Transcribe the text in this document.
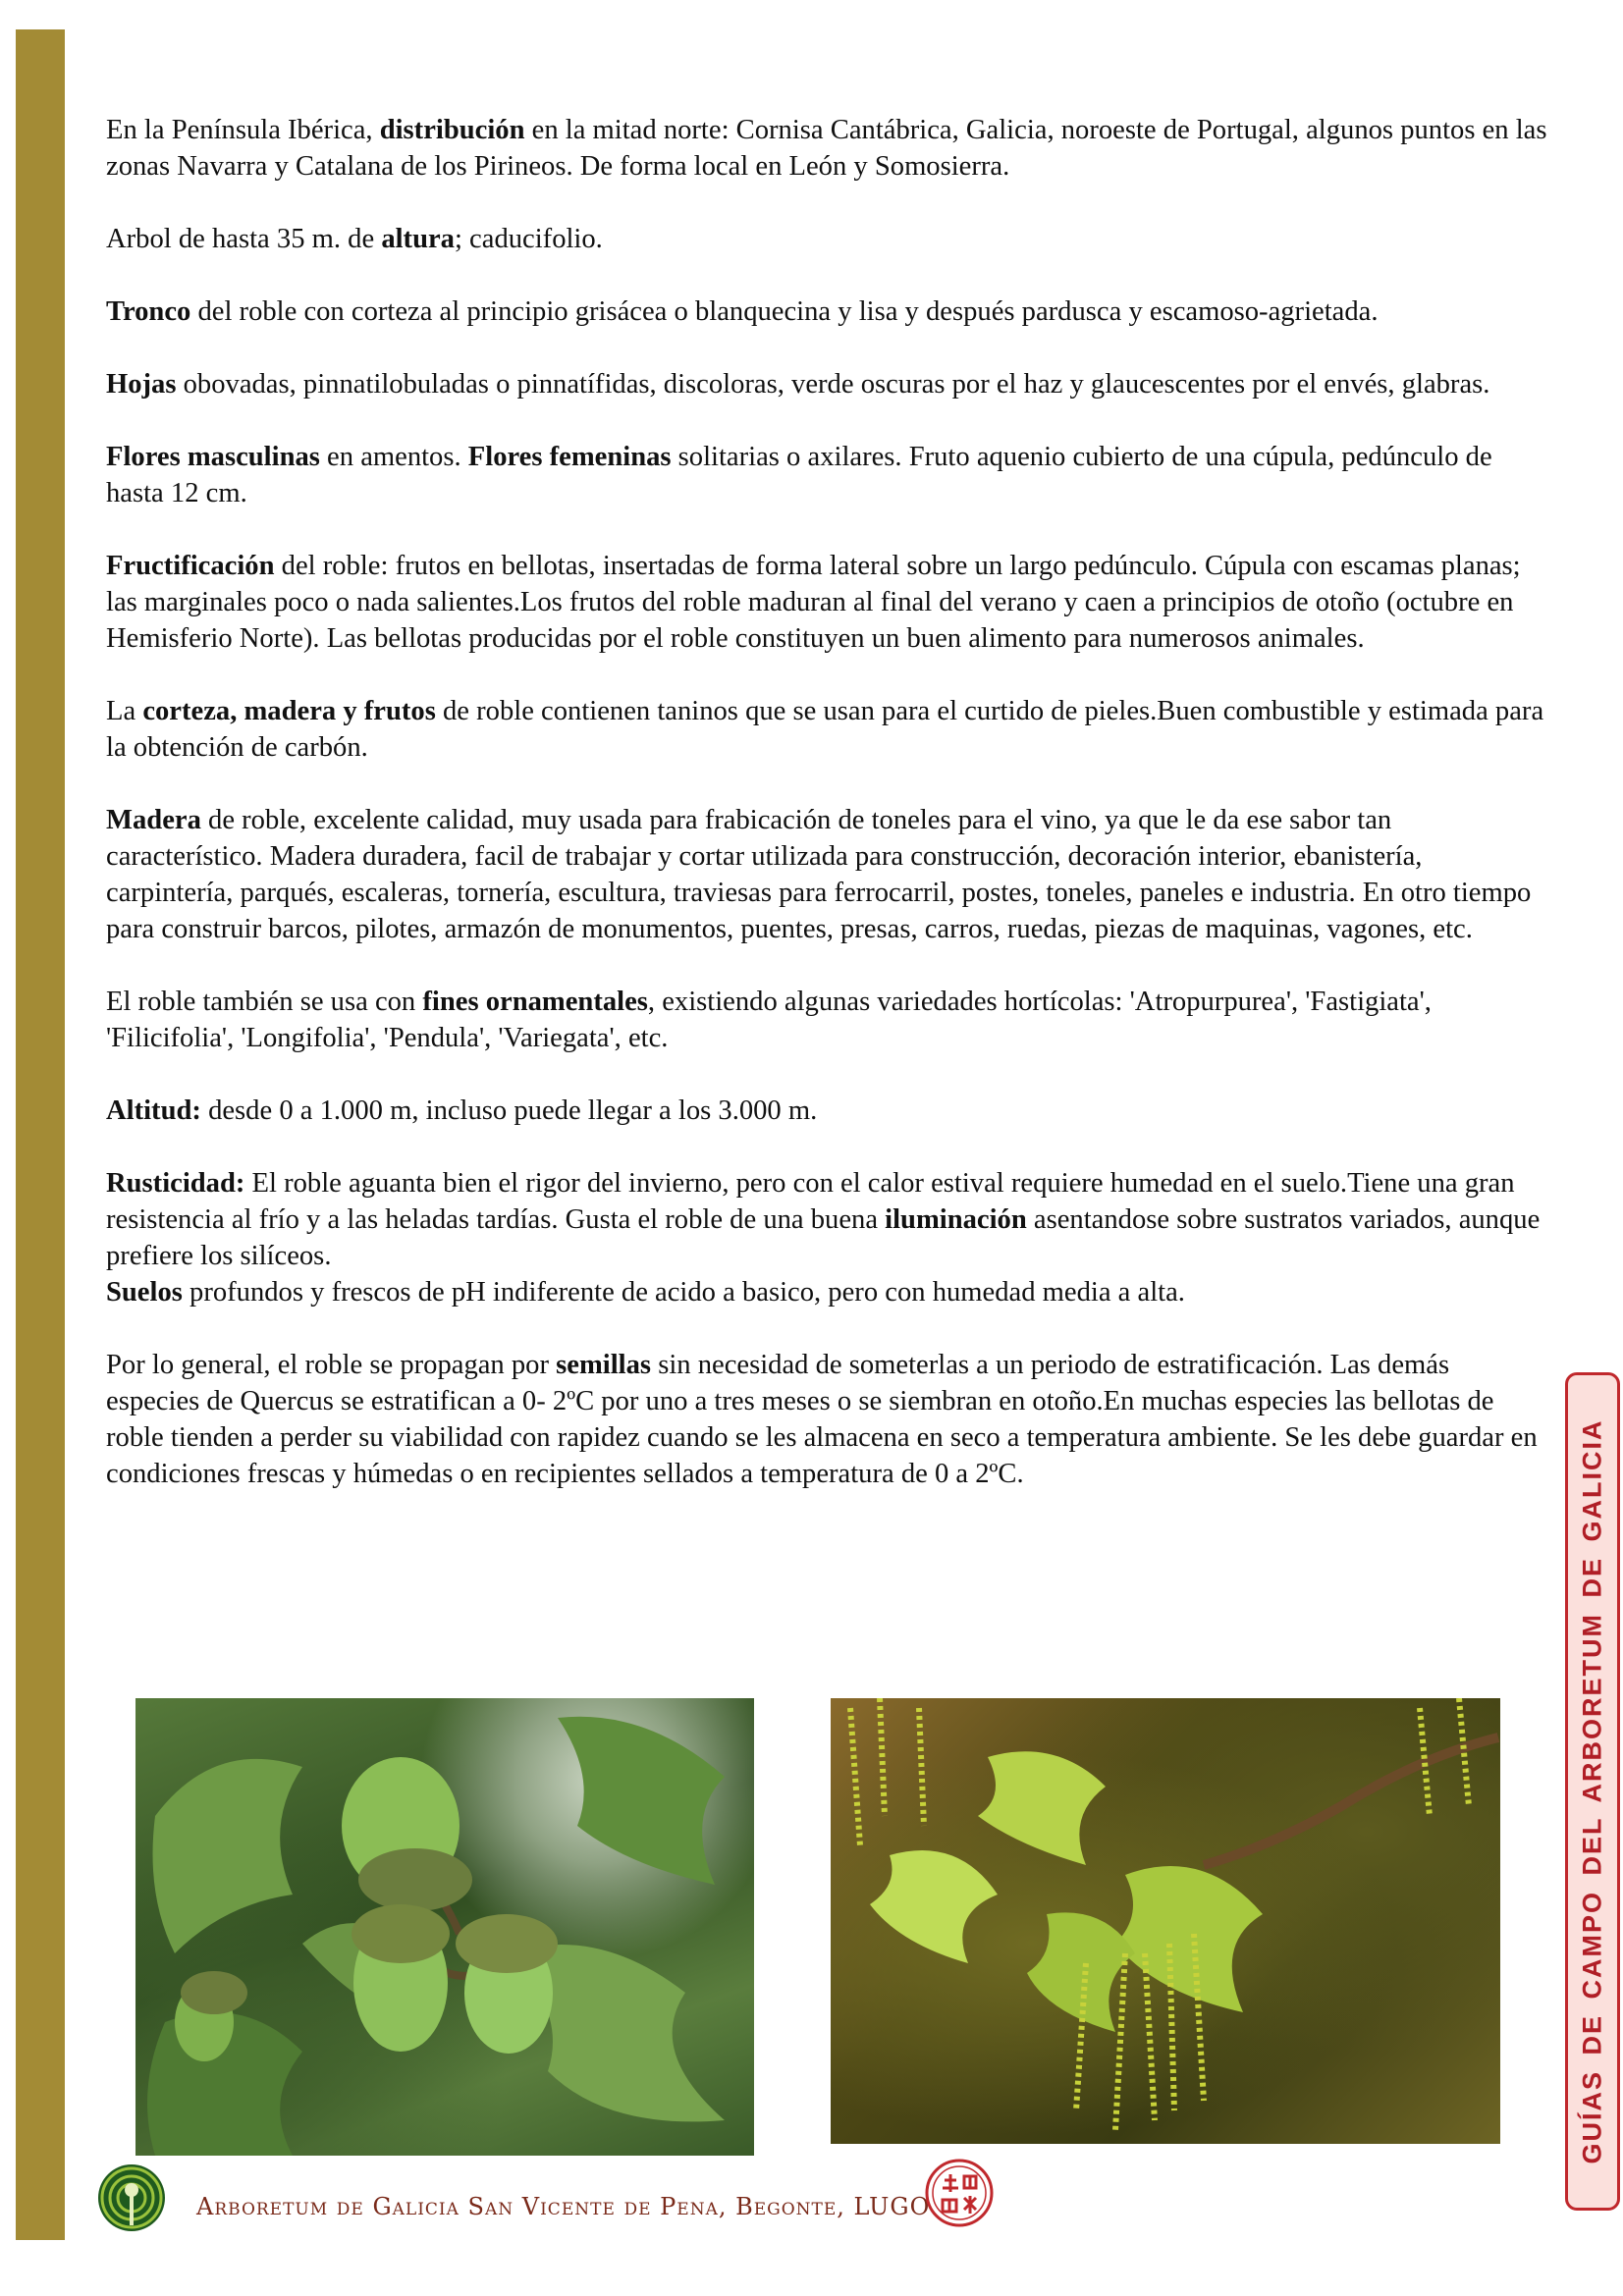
En la Península Ibérica, distribución en la mitad norte: Cornisa Cantábrica, Galicia, noroeste de Portugal, algunos puntos en las zonas Navarra y Catalana de los Pirineos. De forma local en León y Somosierra.

Arbol de hasta 35 m. de altura; caducifolio.

Tronco del roble con corteza al principio grisácea o blanquecina y lisa y después pardusca y escamoso-agrietada.

Hojas obovadas, pinnatilobuladas o pinnatífidas, discoloras, verde oscuras por el haz y glaucescentes por el envés, glabras.

Flores masculinas en amentos. Flores femeninas solitarias o axilares. Fruto aquenio cubierto de una cúpula, pedúnculo de hasta 12 cm.

Fructificación del roble: frutos en bellotas, insertadas de forma lateral sobre un largo pedúnculo. Cúpula con escamas planas; las marginales poco o nada salientes.Los frutos del roble maduran al final del verano y caen a principios de otoño (octubre en Hemisferio Norte). Las bellotas producidas por el roble constituyen un buen alimento para numerosos animales.

La corteza, madera y frutos de roble contienen taninos que se usan para el curtido de pieles.Buen combustible y estimada para la obtención de carbón.

Madera de roble, excelente calidad, muy usada para frabicación de toneles para el vino, ya que le da ese sabor tan característico. Madera duradera, facil de trabajar y cortar utilizada para construcción, decoración interior, ebanistería, carpintería, parqués, escaleras, tornería, escultura, traviesas para ferrocarril, postes, toneles, paneles e industria. En otro tiempo para construir barcos, pilotes, armazón de monumentos, puentes, presas, carros, ruedas, piezas de maquinas, vagones, etc.

El roble también se usa con fines ornamentales, existiendo algunas variedades hortícolas: 'Atropurpurea', 'Fastigiata', 'Filicifolia', 'Longifolia', 'Pendula', 'Variegata', etc.

Altitud: desde 0 a 1.000 m, incluso puede llegar a los 3.000 m.

Rusticidad: El roble aguanta bien el rigor del invierno, pero con el calor estival requiere humedad en el suelo.Tiene una gran resistencia al frío y a las heladas tardías. Gusta el roble de una buena iluminación asentandose sobre sustratos variados, aunque prefiere los silíceos.

Suelos profundos y frescos de pH indiferente de acido a basico, pero con humedad media a alta.

Por lo general, el roble se propagan por semillas sin necesidad de someterlas a un periodo de estratificación. Las demás especies de Quercus se estratifican a 0- 2ºC por uno a tres meses o se siembran en otoño.En muchas especies las bellotas de roble tienden a perder su viabilidad con rapidez cuando se les almacena en seco a temperatura ambiente. Se les debe guardar en condiciones frescas y húmedas o en recipientes sellados a temperatura de 0 a 2ºC.	GUÍAS DE CAMPO DEL ARBORETUM DE GALICIA
Arboretum de Galicia San Vicente de Pena, Begonte, LUGO
